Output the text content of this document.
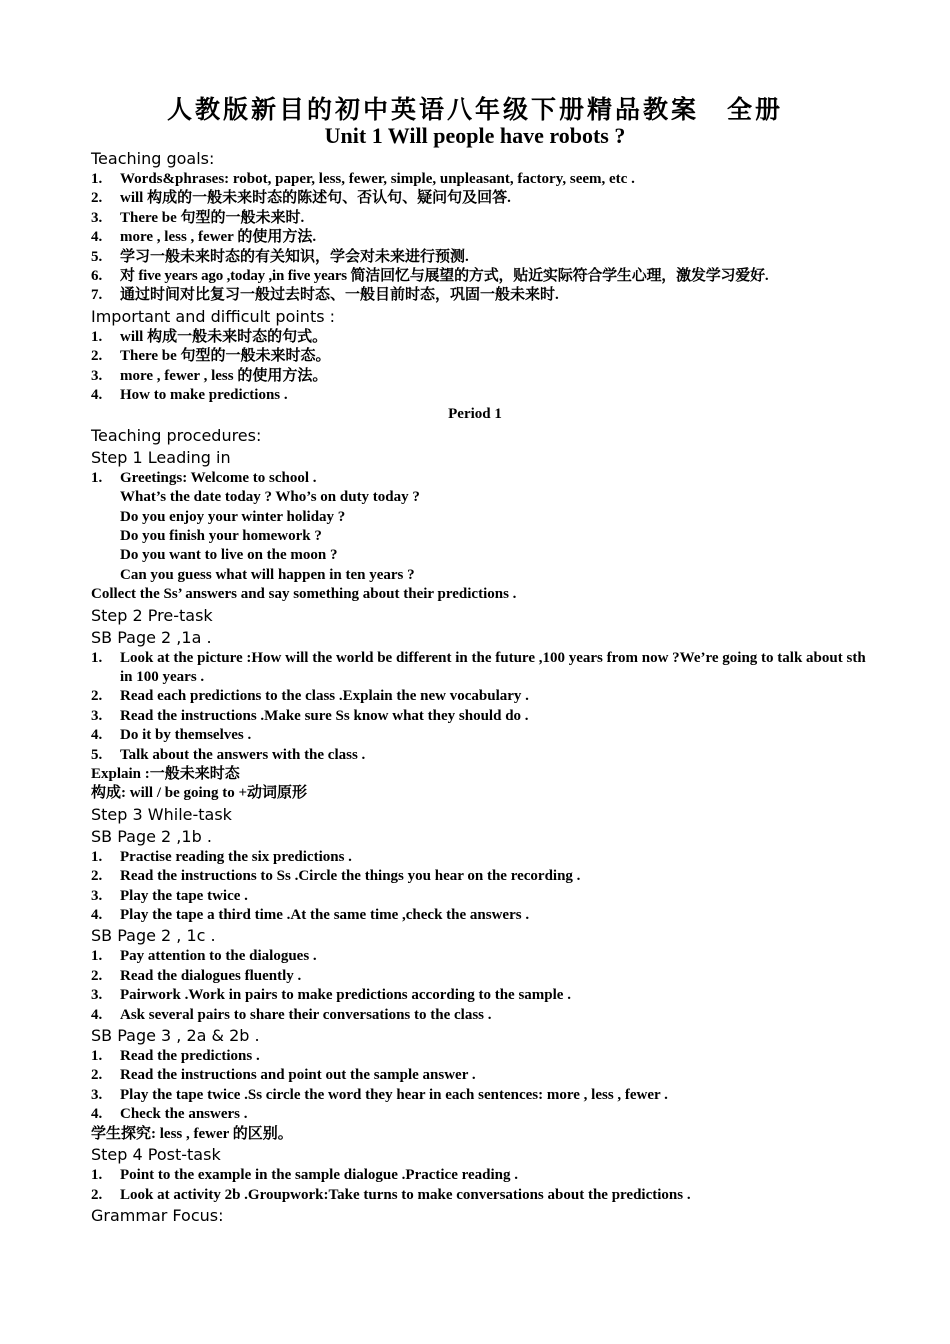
人教版新目的初中英语八年级下册精品教案　全册
Unit 1 Will people have robots ?
Teaching goals:
1.	Words&phrases: robot, paper, less, fewer, simple, unpleasant, factory, seem, etc .
2.	will 构成的一般未来时态的陈述句、否认句、疑问句及回答.
3.	There be 句型的一般未来时.
4.	more , less , fewer 的使用方法.
5.	学习一般未来时态的有关知识，学会对未来进行预测.
6.	对 five years ago ,today ,in five years 简洁回忆与展望的方式，贴近实际符合学生心理，激发学习爱好.
7.	通过时间对比复习一般过去时态、一般目前时态，巩固一般未来时.
Important and difficult points :
1.	will 构成一般未来时态的句式。
2.	There be 句型的一般未来时态。
3.	more , fewer , less 的使用方法。
4.	How to make predictions .
Period 1
Teaching procedures:
Step 1 Leading in
1.	Greetings: Welcome to school .
What’s the date today ? Who’s on duty today ?
Do you enjoy your winter holiday ?
Do you finish your homework ?
Do you want to live on the moon ?
Can you guess what will happen in ten years ?
Collect the Ss’ answers and say something about their predictions .
Step 2 Pre-task
SB Page 2 ,1a .
1.	Look at the picture :How will the world be different in the future ,100 years from now ?We’re going to talk about sth in 100 years .
2.	Read each predictions to the class .Explain the new vocabulary .
3.	Read the instructions .Make sure Ss know what they should do .
4.	Do it by themselves .
5.	Talk about the answers with the class .
Explain :一般未来时态
构成: will / be going to +动词原形
Step 3 While-task
SB Page 2 ,1b .
1.	Practise reading the six predictions .
2.	Read the instructions to Ss .Circle the things you hear on the recording .
3.	Play the tape twice .
4.	Play the tape a third time .At the same time ,check the answers .
SB Page 2 , 1c .
1.	Pay attention to the dialogues .
2.	Read the dialogues fluently .
3.	Pairwork .Work in pairs to make predictions according to the sample .
4.	Ask several pairs to share their conversations to the class .
SB Page 3 , 2a & 2b .
1.	Read the predictions .
2.	Read the instructions and point out the sample answer .
3.	Play the tape twice .Ss circle the word they hear in each sentences: more , less , fewer .
4.	Check the answers .
学生探究: less , fewer 的区别。
Step 4 Post-task
1.	Point to the example in the sample dialogue .Practice reading .
2.	Look at activity 2b .Groupwork:Take turns to make conversations about the predictions .
Grammar Focus:
